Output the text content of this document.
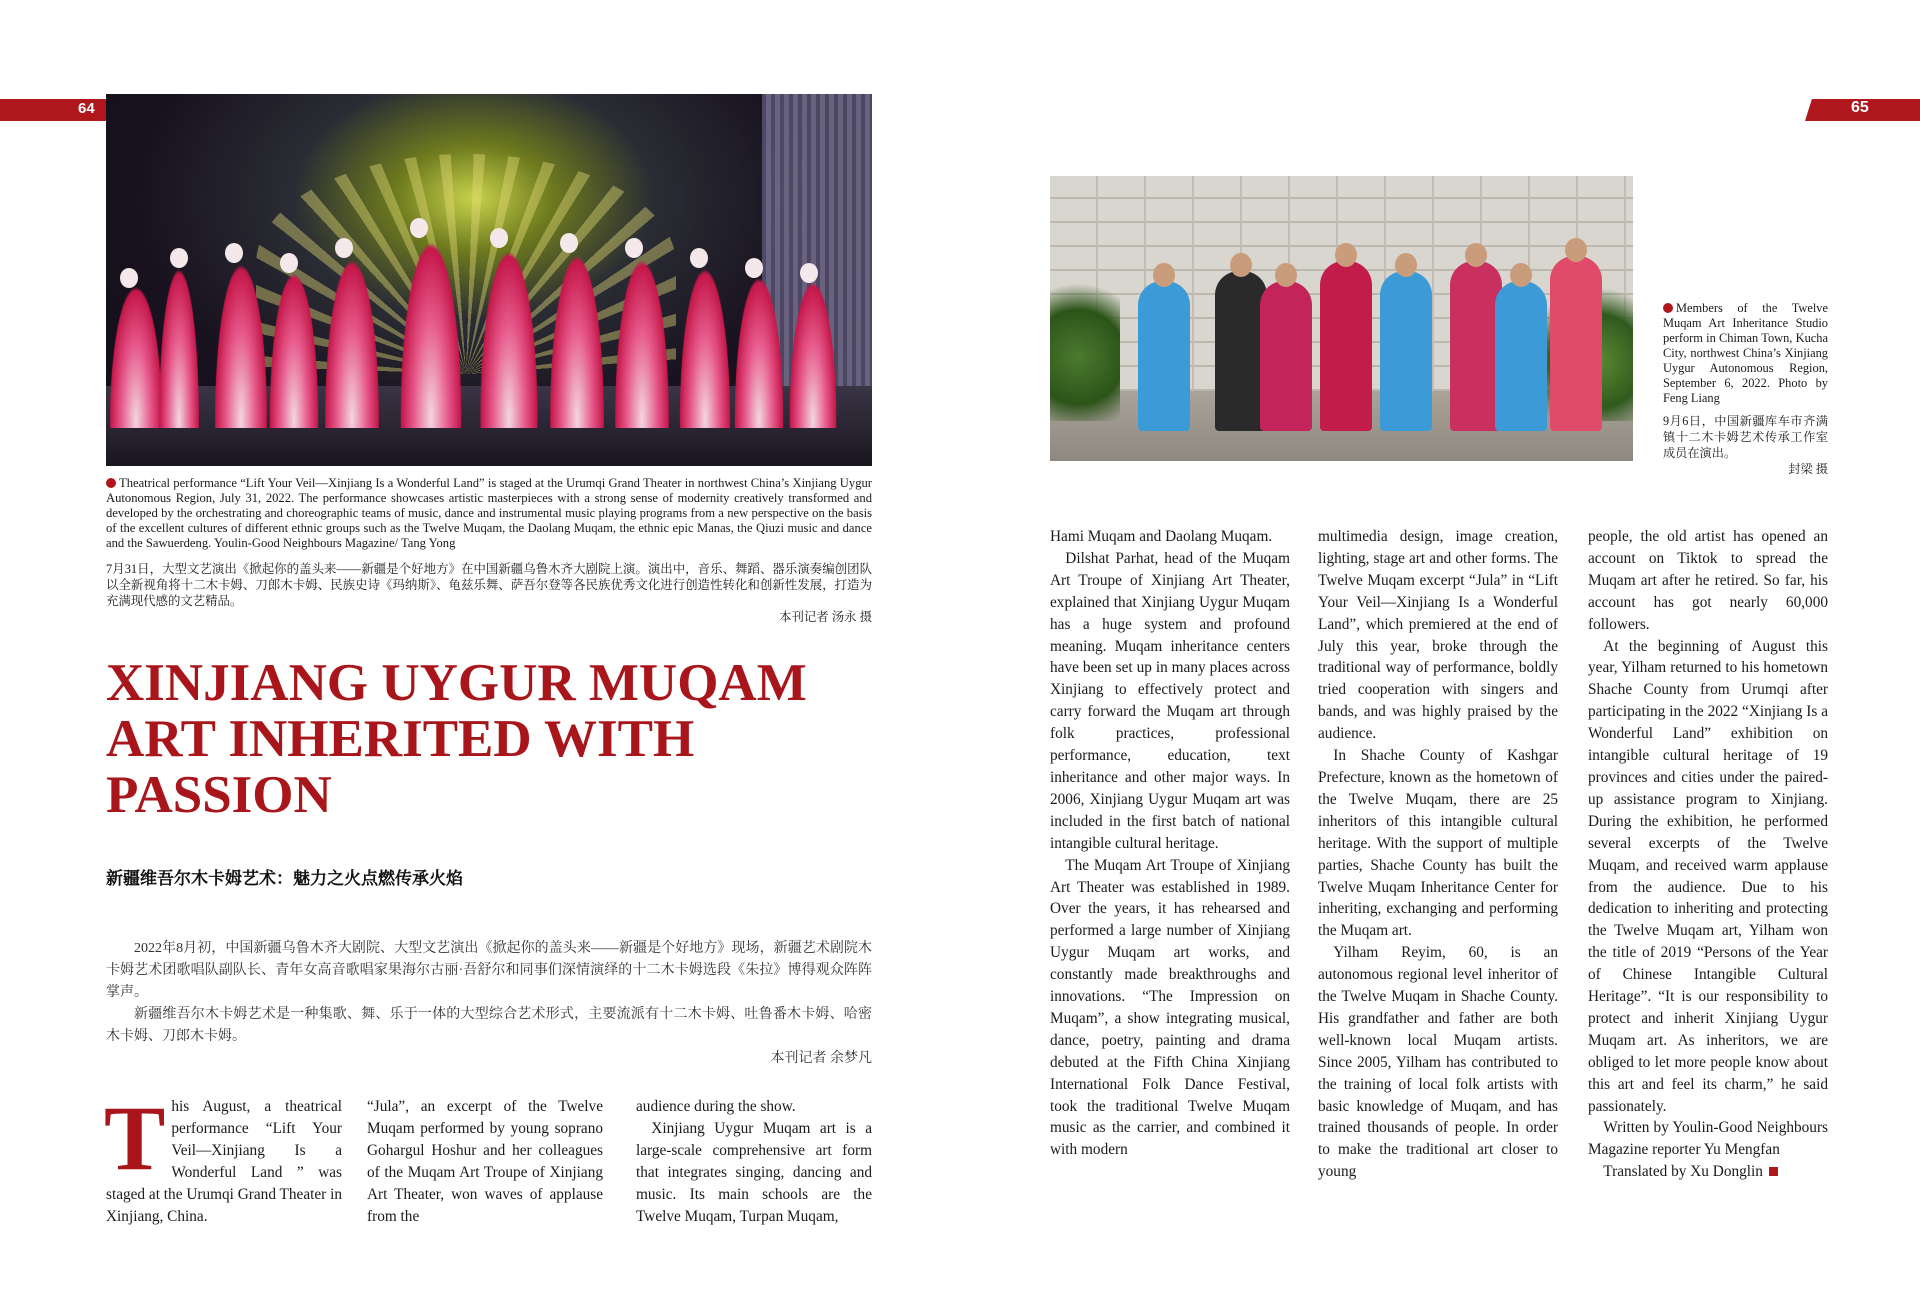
64	65
Theatrical performance “Lift Your Veil—Xinjiang Is a Wonderful Land” is staged at the Urumqi Grand Theater in northwest China’s Xinjiang Uygur Autonomous Region, July 31, 2022. The performance showcases artistic masterpieces with a strong sense of modernity creatively transformed and developed by the orchestrating and choreographic teams of music, dance and instrumental music playing programs from a new perspective on the basis of the excellent cultures of different ethnic groups such as the Twelve Muqam, the Daolang Muqam, the ethnic epic Manas, the Qiuzi music and dance and the Sawuerdeng. Youlin-Good Neighbours Magazine/ Tang Yong
7月31日，大型文艺演出《掀起你的盖头来——新疆是个好地方》在中国新疆乌鲁木齐大剧院上演。演出中，音乐、舞蹈、器乐演奏编创团队以全新视角将十二木卡姆、刀郎木卡姆、民族史诗《玛纳斯》、龟兹乐舞、萨吾尔登等各民族优秀文化进行创造性转化和创新性发展，打造为充满现代感的文艺精品。
本刊记者 汤永 摄
Members of the Twelve Muqam Art Inheritance Studio perform in Chiman Town, Kucha City, northwest China’s Xinjiang Uygur Autonomous Region, September 6, 2022. Photo by Feng Liang
9月6日，中国新疆库车市齐满镇十二木卡姆艺术传承工作室成员在演出。
封梁 摄
XINJIANG UYGUR MUQAM ART INHERITED WITH PASSION
新疆维吾尔木卡姆艺术：魅力之火点燃传承火焰

2022年8月初，中国新疆乌鲁木齐大剧院、大型文艺演出《掀起你的盖头来——新疆是个好地方》现场，新疆艺术剧院木卡姆艺术团歌唱队副队长、青年女高音歌唱家果海尔古丽·吾舒尔和同事们深情演绎的十二木卡姆选段《朱拉》博得观众阵阵掌声。

新疆维吾尔木卡姆艺术是一种集歌、舞、乐于一体的大型综合艺术形式，主要流派有十二木卡姆、吐鲁番木卡姆、哈密木卡姆、刀郎木卡姆。

本刊记者 余梦凡
This August, a theatrical performance “Lift Your Veil—Xinjiang Is a Wonderful Land ” was staged at the Urumqi Grand Theater in Xinjiang, China.

“Jula”, an excerpt of the Twelve Muqam performed by young soprano Gohargul Hoshur and her colleagues of the Muqam Art Troupe of Xinjiang Art Theater, won waves of applause from the

audience during the show.

Xinjiang Uygur Muqam art is a large-scale comprehensive art form that integrates singing, dancing and music. Its main schools are the Twelve Muqam, Turpan Muqam,

Hami Muqam and Daolang Muqam.

Dilshat Parhat, head of the Muqam Art Troupe of Xinjiang Art Theater, explained that Xinjiang Uygur Muqam has a huge system and profound meaning. Muqam inheritance centers have been set up in many places across Xinjiang to effectively protect and carry forward the Muqam art through folk practices, professional performance, education, text inheritance and other major ways. In 2006, Xinjiang Uygur Muqam art was included in the first batch of national intangible cultural heritage.

The Muqam Art Troupe of Xinjiang Art Theater was established in 1989. Over the years, it has rehearsed and performed a large number of Xinjiang Uygur Muqam art works, and constantly made breakthroughs and innovations. “The Impression on Muqam”, a show integrating musical, dance, poetry, painting and drama debuted at the Fifth China Xinjiang International Folk Dance Festival, took the traditional Twelve Muqam music as the carrier, and combined it with modern

multimedia design, image creation, lighting, stage art and other forms. The Twelve Muqam excerpt “Jula” in “Lift Your Veil—Xinjiang Is a Wonderful Land”, which premiered at the end of July this year, broke through the traditional way of performance, boldly tried cooperation with singers and bands, and was highly praised by the audience.

In Shache County of Kashgar Prefecture, known as the hometown of the Twelve Muqam, there are 25 inheritors of this intangible cultural heritage. With the support of multiple parties, Shache County has built the Twelve Muqam Inheritance Center for inheriting, exchanging and performing the Muqam art.

Yilham Reyim, 60, is an autonomous regional level inheritor of the Twelve Muqam in Shache County. His grandfather and father are both well-known local Muqam artists. Since 2005, Yilham has contributed to the training of local folk artists with basic knowledge of Muqam, and has trained thousands of people. In order to make the traditional art closer to young

people, the old artist has opened an account on Tiktok to spread the Muqam art after he retired. So far, his account has got nearly 60,000 followers.

At the beginning of August this year, Yilham returned to his hometown Shache County from Urumqi after participating in the 2022 “Xinjiang Is a Wonderful Land” exhibition on intangible cultural heritage of 19 provinces and cities under the paired-up assistance program to Xinjiang. During the exhibition, he performed several excerpts of the Twelve Muqam, and received warm applause from the audience. Due to his dedication to inheriting and protecting the Twelve Muqam art, Yilham won the title of 2019 “Persons of the Year of Chinese Intangible Cultural Heritage”. “It is our responsibility to protect and inherit Xinjiang Uygur Muqam art. As inheritors, we are obliged to let more people know about this art and feel its charm,” he said passionately.

Written by Youlin-Good Neighbours Magazine reporter Yu Mengfan

Translated by Xu Donglin
